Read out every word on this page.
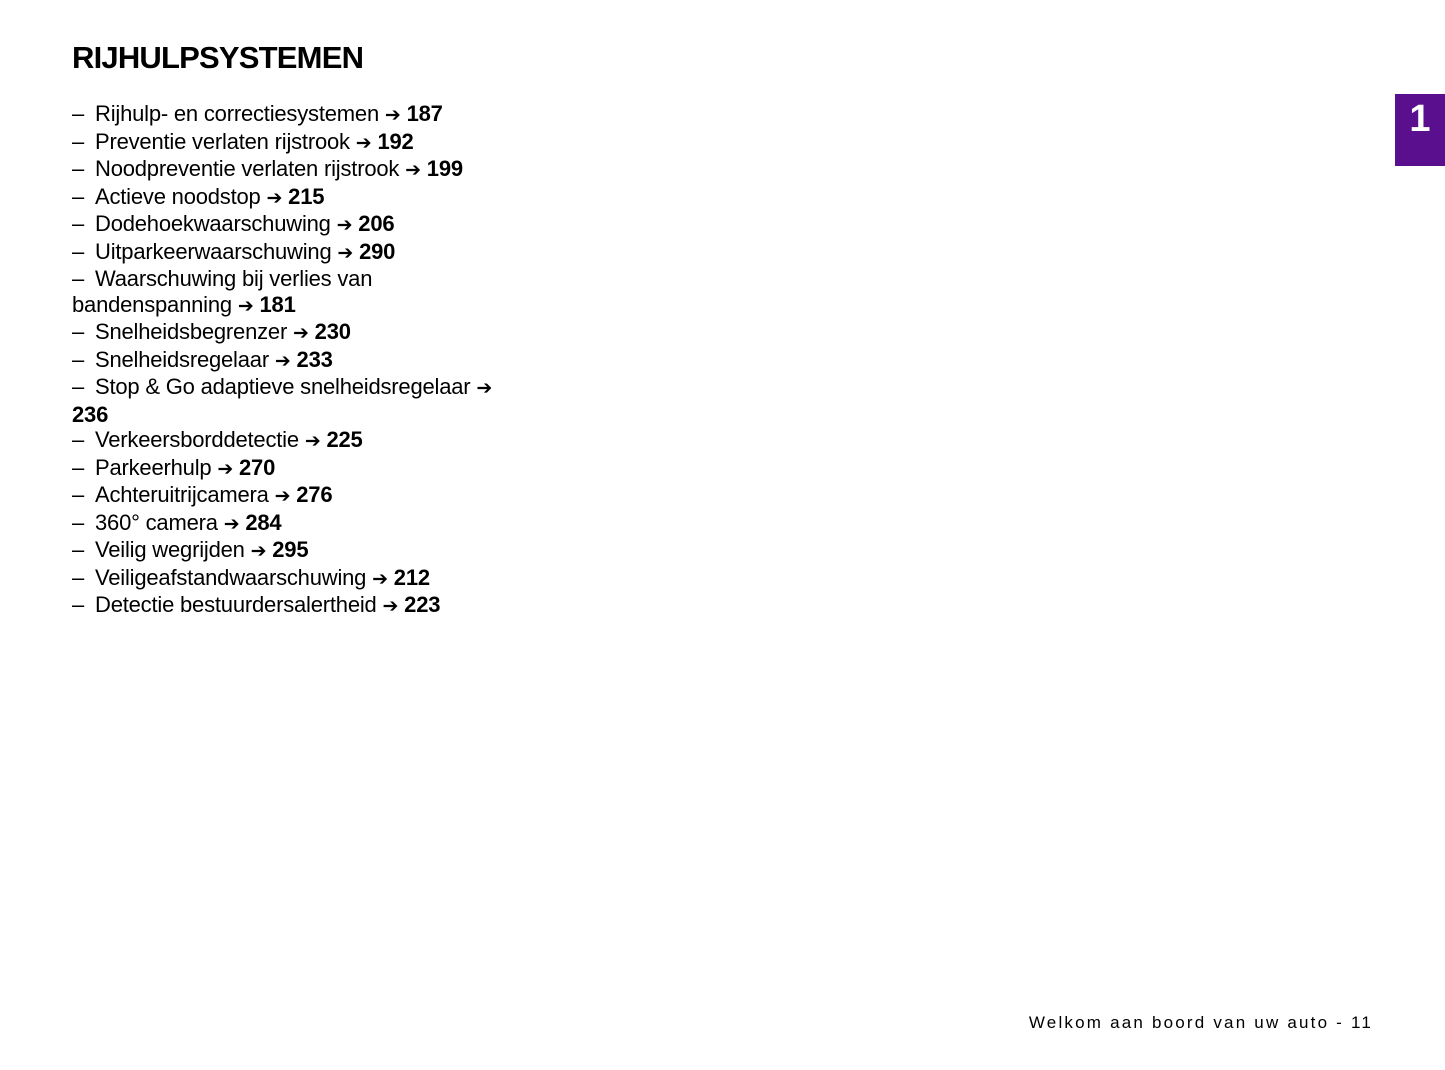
RIJHULPSYSTEMEN
– Rijhulp- en correctiesystemen ➔ 187
– Preventie verlaten rijstrook ➔ 192
– Noodpreventie verlaten rijstrook ➔ 199
– Actieve noodstop ➔ 215
– Dodehoekwaarschuwing ➔ 206
– Uitparkeerwaarschuwing ➔ 290
– Waarschuwing bij verlies van bandenspanning ➔ 181
– Snelheidsbegrenzer ➔ 230
– Snelheidsregelaar ➔ 233
– Stop & Go adaptieve snelheidsregelaar ➔ 236
– Verkeersborddetectie ➔ 225
– Parkeerhulp ➔ 270
– Achteruitrijcamera ➔ 276
– 360° camera ➔ 284
– Veilig wegrijden ➔ 295
– Veiligeafstandwaarschuwing ➔ 212
– Detectie bestuurdersalertheid ➔ 223
1
Welkom aan boord van uw auto - 11
